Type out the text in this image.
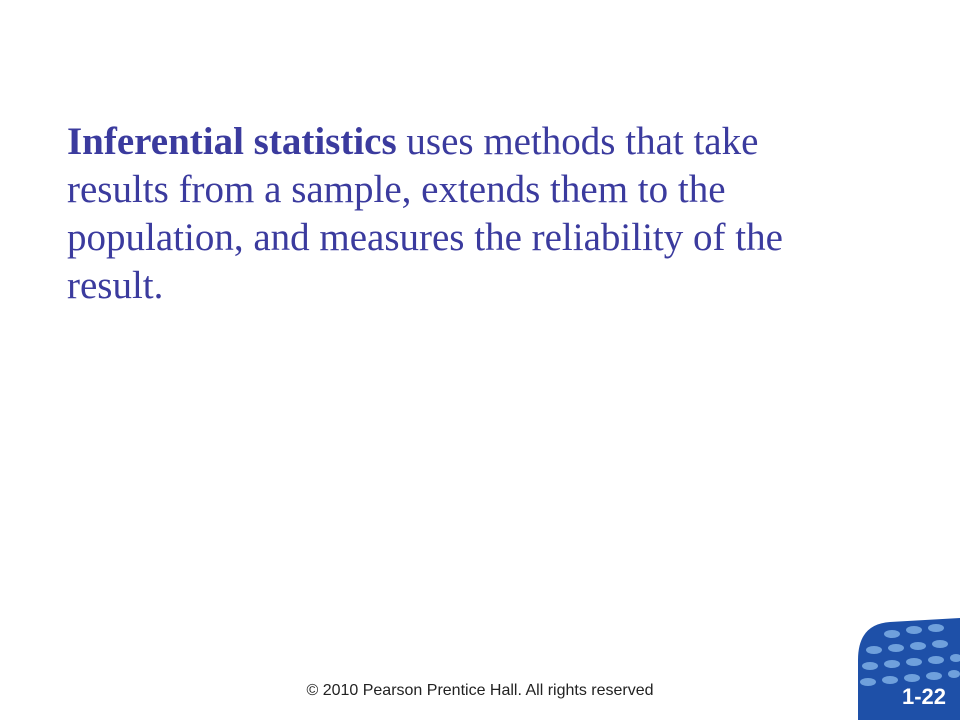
Inferential statistics uses methods that take results from a sample, extends them to the population, and measures the reliability of the result.

© 2010 Pearson Prentice Hall. All rights reserved	1-22
